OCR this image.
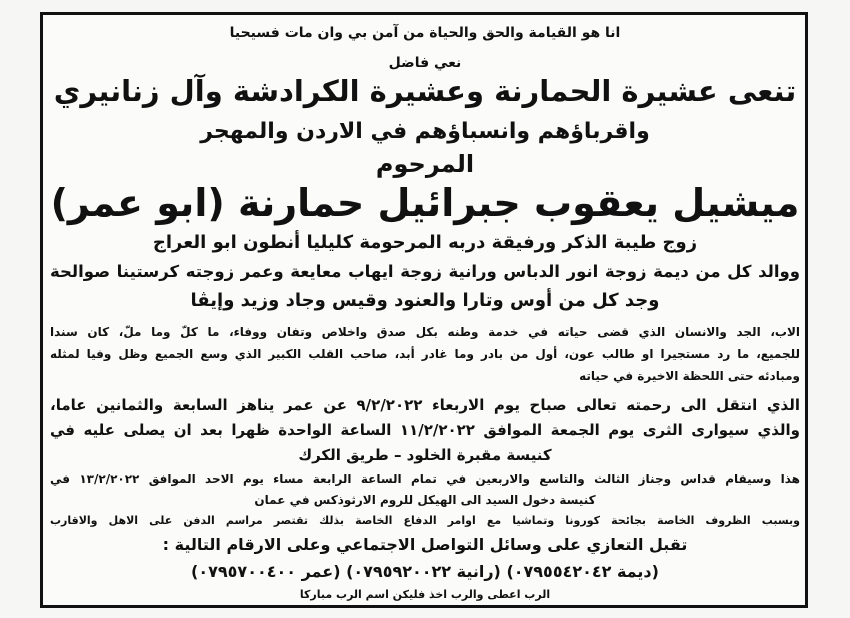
انا هو القيامة والحق والحياة من آمن بي وان مات فسيحيا
نعي فاضل
تنعى عشيرة الحمارنة وعشيرة الكرادشة وآل زنانيري
واقرباؤهم وانسباؤهم في الاردن والمهجر
المرحوم
ميشيل يعقوب جبرائيل حمارنة (ابو عمر)
زوج طيبة الذكر ورفيقة دربه المرحومة كليليا أنطون ابو العراج
ووالد كل من ديمة زوجة انور الدباس ورانية زوجة ايهاب معايعة وعمر زوجته كرستينا صوالحة
وجد كل من أوس وتارا والعنود وقيس وجاد وزيد وإيڤا
الاب، الجد والانسان الذي قضى حياته في خدمة وطنه بكل صدق واخلاص وتفان ووفاء، ما كلّ وما ملّ، كان سندا
للجميع، ما رد مستجيرا او طالب عون، أول من بادر وما غادر أبد، صاحب القلب الكبير الذي وسع الجميع وظل وفيا لمثله
ومبادئه حتى اللحظة الاخيرة في حياته
الذي انتقل الى رحمته تعالى صباح يوم الاربعاء ٩/٢/٢٠٢٢ عن عمر يناهز السابعة والثمانين عاما،
والذي سيوارى الثرى يوم الجمعة الموافق ١١/٢/٢٠٢٢ الساعة الواحدة ظهرا بعد ان يصلى عليه في
كنيسة مقبرة الخلود – طريق الكرك
هذا وسيقام قداس وجناز الثالث والتاسع والاربعين في تمام الساعة الرابعة مساء يوم الاحد الموافق ١٣/٢/٢٠٢٢ في
كنيسة دخول السيد الى الهيكل للروم الارثوذكس في عمان
وبسبب الظروف الخاصة بجائحة كورونا وتماشيا مع اوامر الدفاع الخاصة بذلك تقتصر مراسم الدفن على الاهل والاقارب
تقبل التعازي على وسائل التواصل الاجتماعي وعلى الارقام التالية :
(ديمة ٠٧٩٥٥٤٢٠٤٢) (رانية ٠٧٩٥٩٢٠٠٢٢) (عمر ٠٧٩٥٧٠٠٤٠٠)
الرب اعطى والرب اخذ فليكن اسم الرب مباركا
